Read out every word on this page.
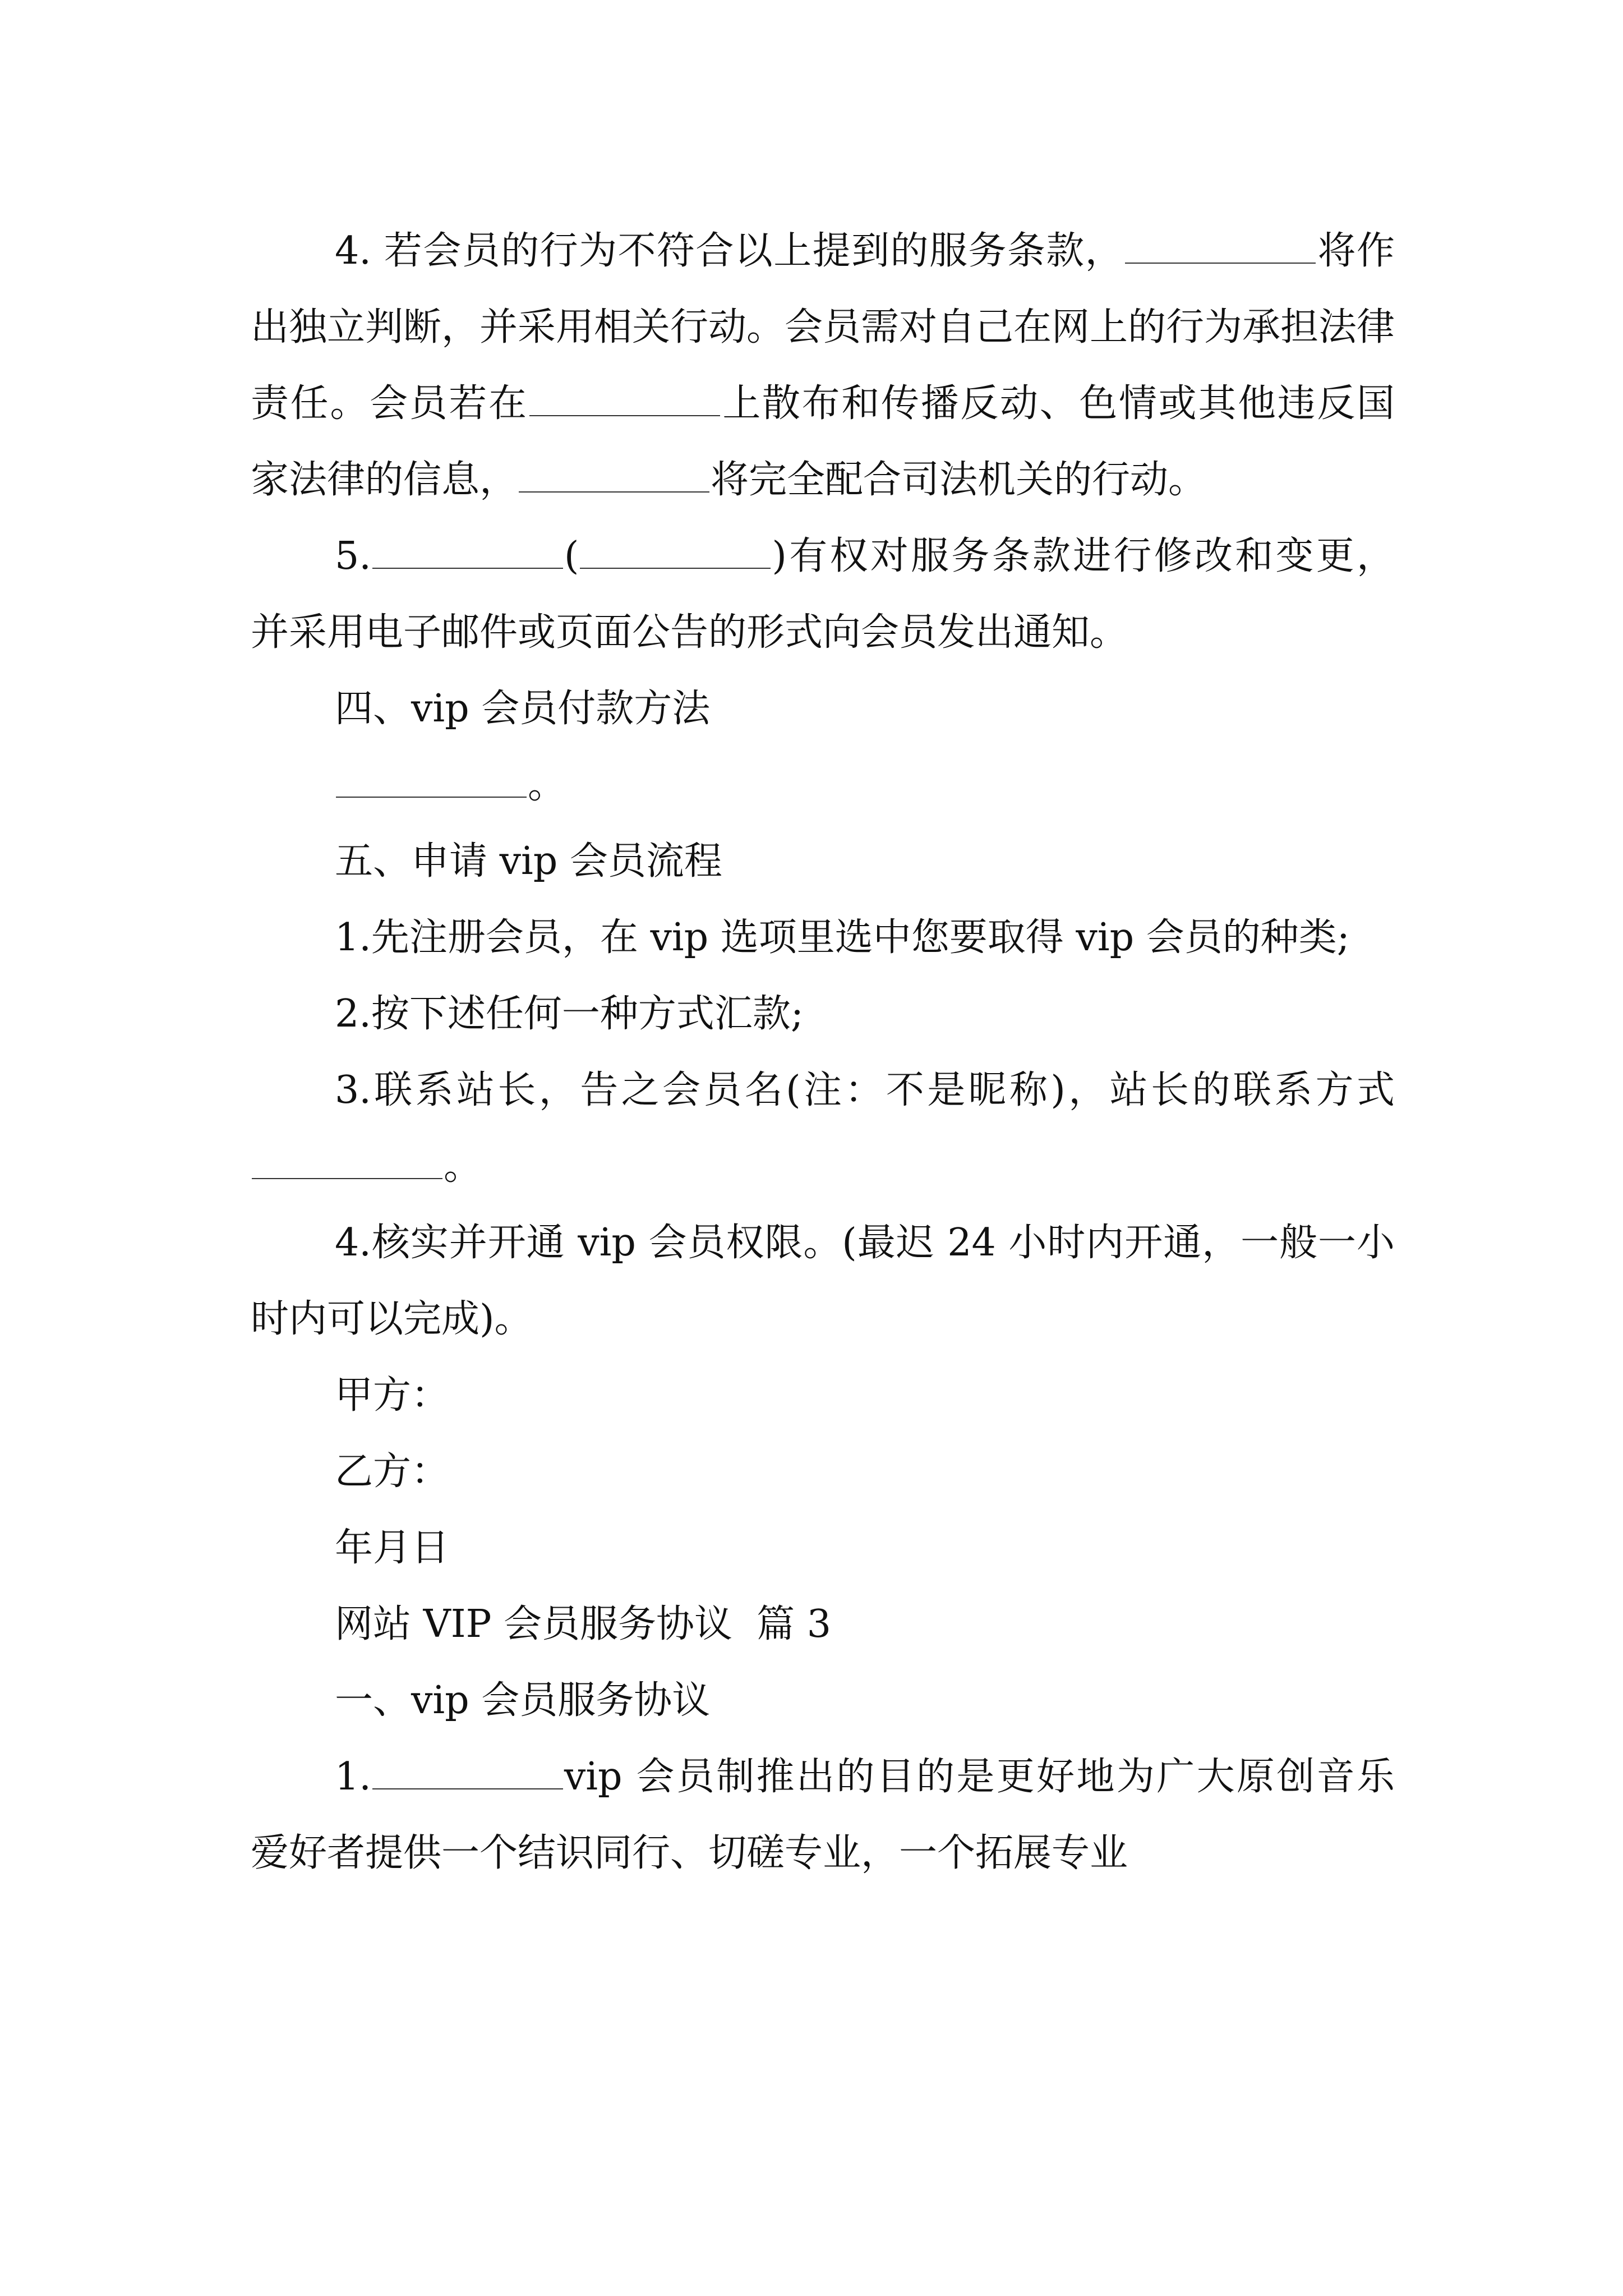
4. 若会员的行为不符合以上提到的服务条款，	将作出独立判断，并采用相关行动。会员需对自己在网上的行为承担法律责任。会员若在	上散布和传播反动、色情或其他违反国家法律的信息，	将完全配合司法机关的行动。

5.	(	)有权对服务条款进行修改和变更，并采用电子邮件或页面公告的形式向会员发出通知。

四、vip 会员付款方法

。

五、申请 vip 会员流程

1.先注册会员，在 vip 选项里选中您要取得 vip 会员的种类;

2.按下述任何一种方式汇款;

3.联系站长，告之会员名(注：不是昵称)，站长的联系方式。

4.核实并开通 vip 会员权限。(最迟 24 小时内开通，一般一小时内可以完成)。

甲方：

乙方：

年月日

网站 VIP 会员服务协议  篇 3

一、vip 会员服务协议

1.	vip 会员制推出的目的是更好地为广大原创音乐爱好者提供一个结识同行、切磋专业，一个拓展专业
